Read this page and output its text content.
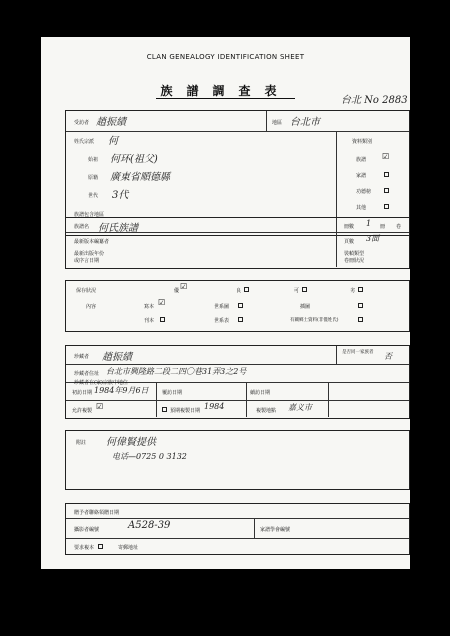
CLAN GENEALOGY IDENTIFICATION SHEET
族譜調查表
台北 No 2883
受訪者 趙振績	地區 台北市
姓氏宗派 何
始祖 何环(祖父)
原籍 廣東省順德縣
世代 3代
族譜包含地區
資料類別
族譜 ☑
家譜
功德榜
其他
族譜名 何氏族譜	冊數 1 冊 卷
最新版本編纂者
最新出版年份
或序言日期
頁數 3面
裝幀類型
卷冊狀況
保存狀況	優 ☑	良	可	劣
內容	寫本 ☑
刊本
世系圖
世系表
插圖
有關鄉土資料(非僅姓氏)
珍藏者 趙振績	是否同一家族者 否
珍藏者住址 台北市興隆路二段二四〇巷31弄3之2号
珍藏者在(家)宗族中地位
初訪日期 1984年9月6日	覆訪日期	續訪日期
允許複製 ☑	預期複製日期 1984	複製地點 嘉义市
附註 何偉賢提供
电话—0725 0 3132
贈予者聯絡領贈日期
攝影者編號	A528-39	家譜學會編號
要求複本	寄郵地址
